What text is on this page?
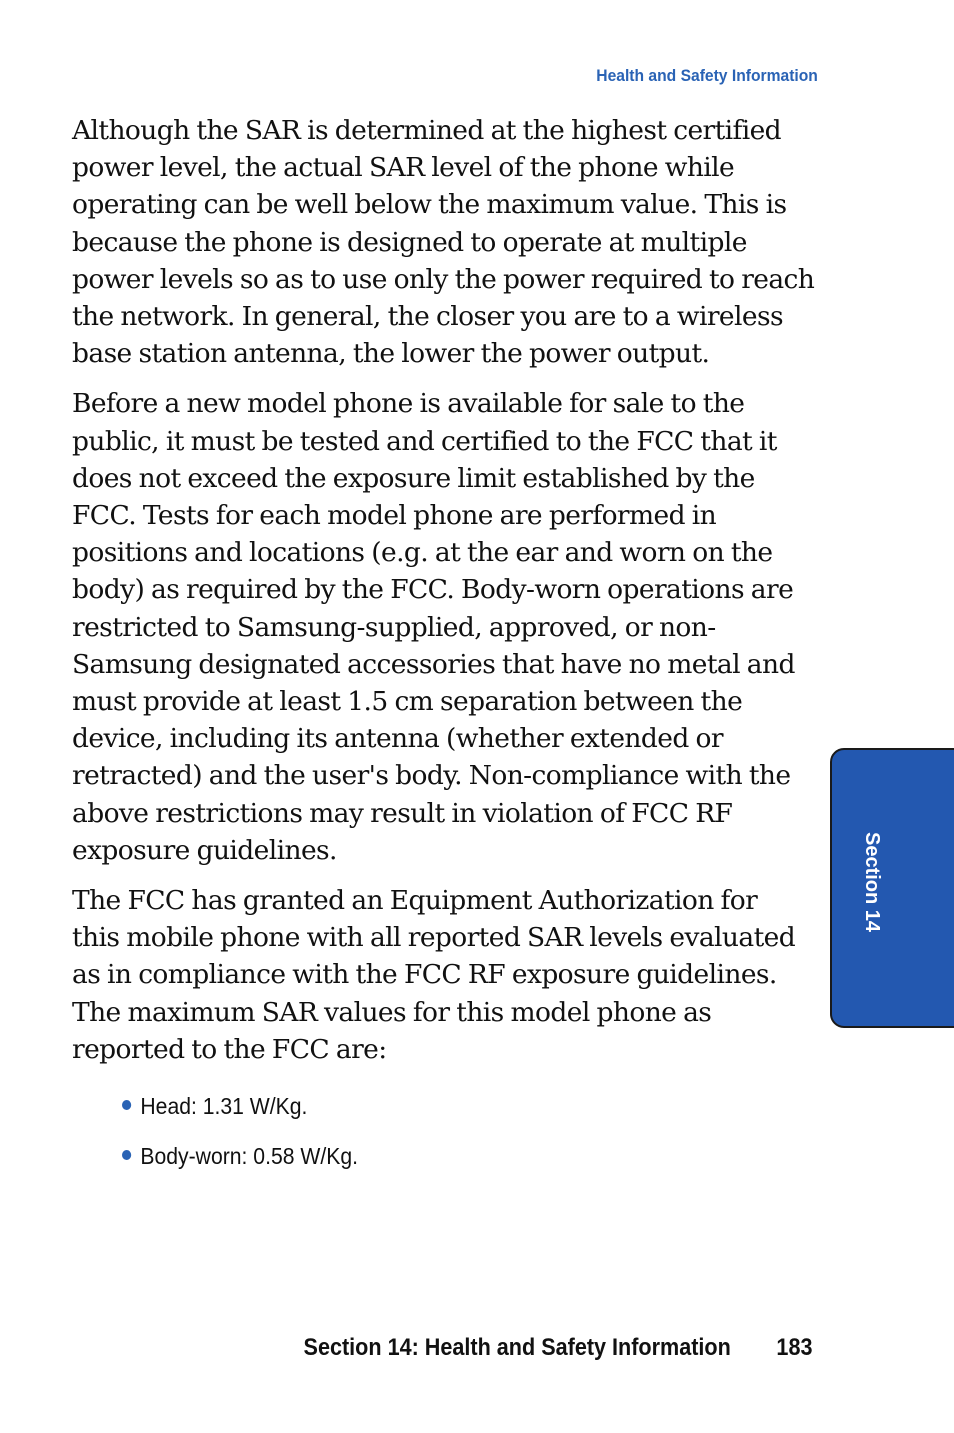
Health and Safety Information

Although the SAR is determined at the highest certified
power level, the actual SAR level of the phone while
operating can be well below the maximum value. This is
because the phone is designed to operate at multiple
power levels so as to use only the power required to reach
the network. In general, the closer you are to a wireless
base station antenna, the lower the power output.

Before a new model phone is available for sale to the
public, it must be tested and certified to the FCC that it
does not exceed the exposure limit established by the
FCC. Tests for each model phone are performed in
positions and locations (e.g. at the ear and worn on the
body) as required by the FCC. Body-worn operations are
restricted to Samsung-supplied, approved, or non-
Samsung designated accessories that have no metal and
must provide at least 1.5 cm separation between the
device, including its antenna (whether extended or
retracted) and the user's body. Non-compliance with the
above restrictions may result in violation of FCC RF
exposure guidelines.

The FCC has granted an Equipment Authorization for
this mobile phone with all reported SAR levels evaluated
as in compliance with the FCC RF exposure guidelines.
The maximum SAR values for this model phone as
reported to the FCC are:

Head: 1.31 W/Kg.
Body-worn: 0.58 W/Kg.
Section 14
Section 14: Health and Safety Information 183
